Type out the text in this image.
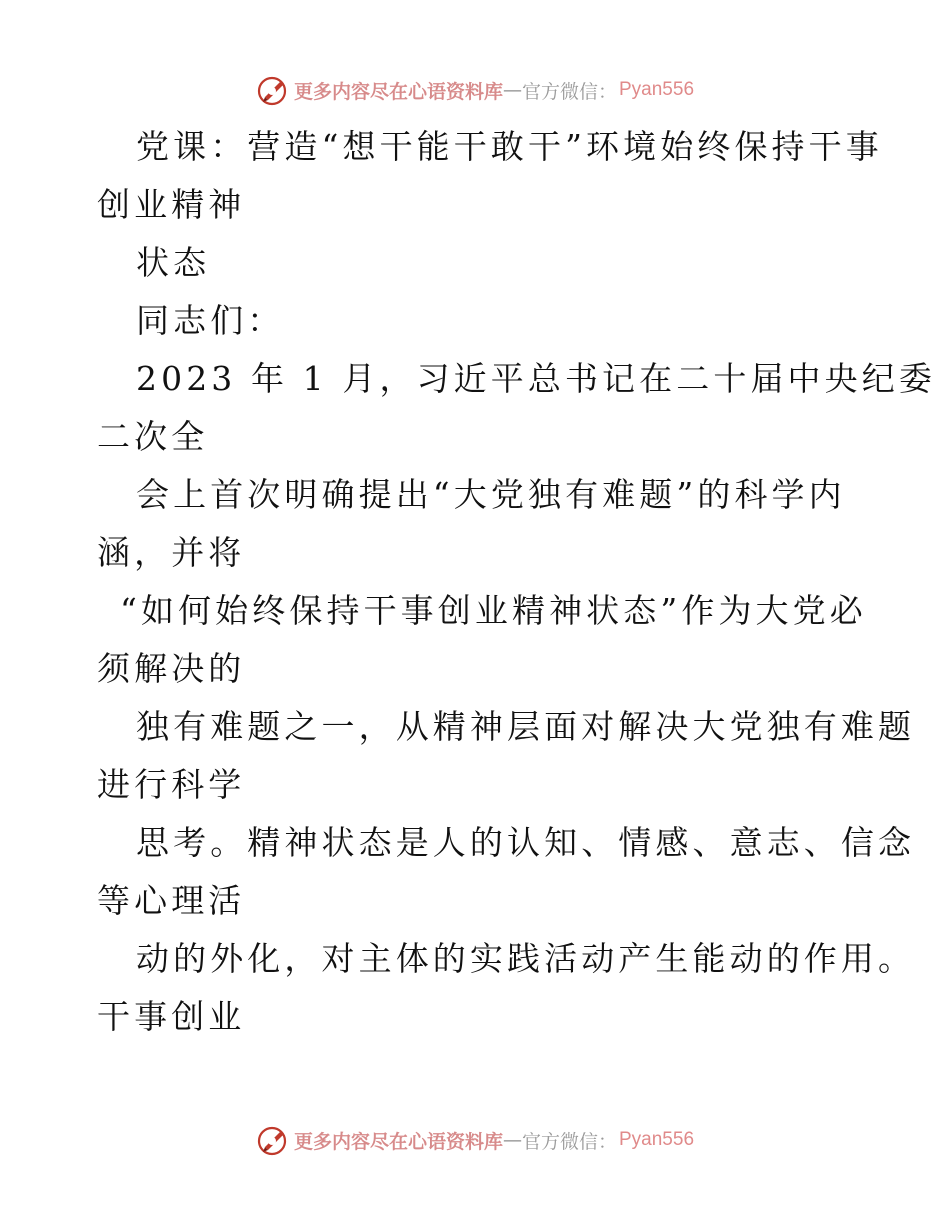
更多内容尽在心语资料库 — 官方微信： Pyan556
党课：营造“想干能干敢干”环境始终保持干事
创业精神
状态
同志们：
2023 年 1 月，习近平总书记在二十届中央纪委
二次全
会上首次明确提出“大党独有难题”的科学内
涵，并将
“如何始终保持干事创业精神状态”作为大党必
须解决的
独有难题之一，从精神层面对解决大党独有难题
进行科学
思考。精神状态是人的认知、情感、意志、信念
等心理活
动的外化，对主体的实践活动产生能动的作用。
干事创业
更多内容尽在心语资料库 — 官方微信： Pyan556
